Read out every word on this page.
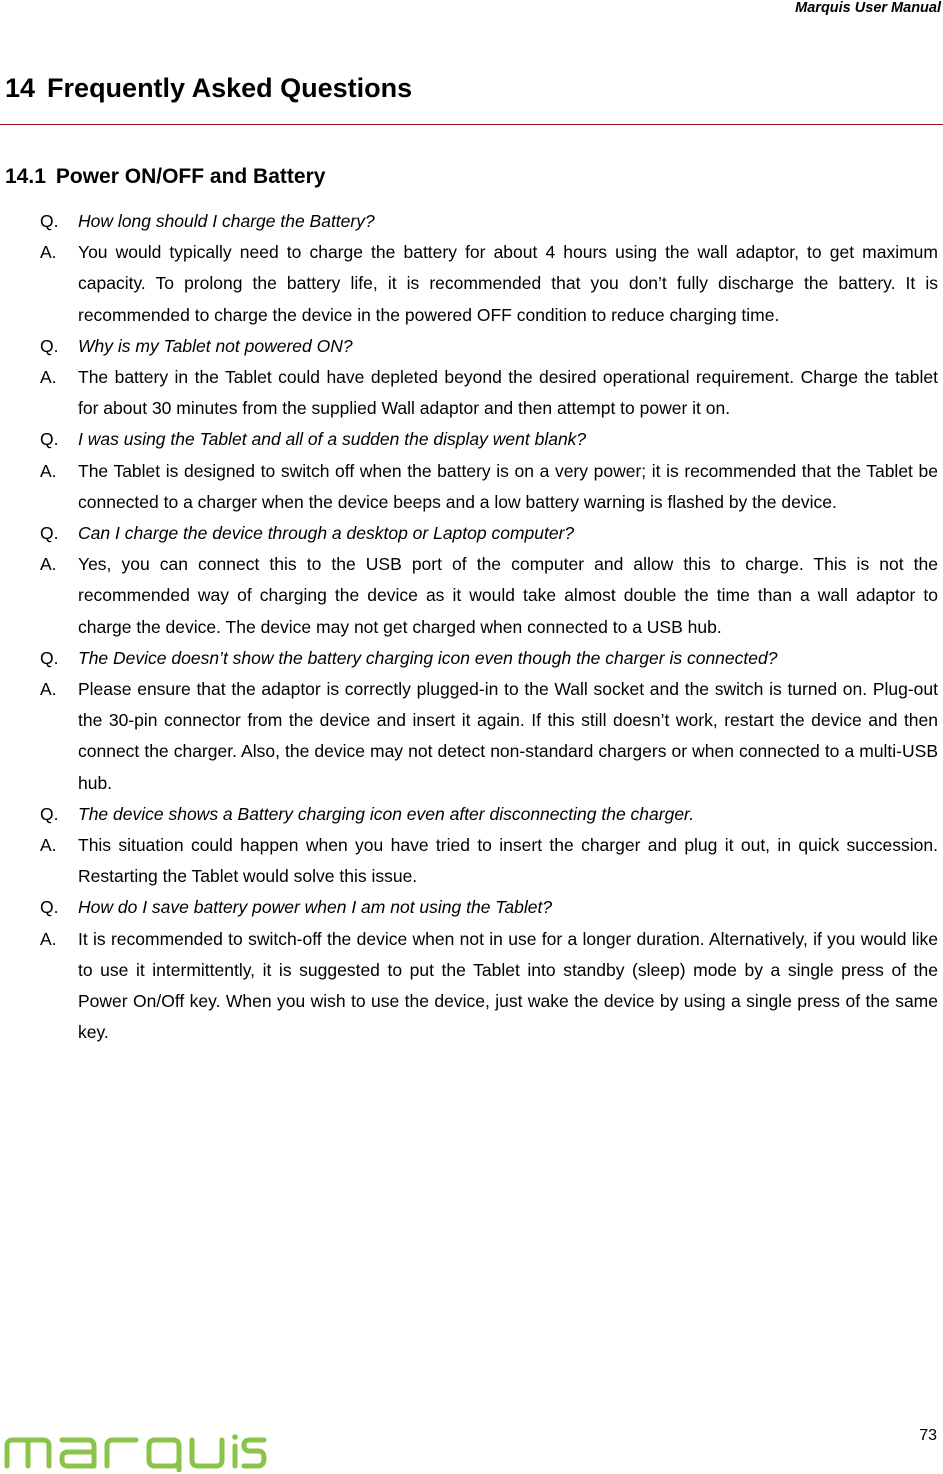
Marquis User Manual
14 Frequently Asked Questions
14.1 Power ON/OFF and Battery
Q.	How long should I charge the Battery?
A.	You would typically need to charge the battery for about 4 hours using the wall adaptor, to get maximum capacity. To prolong the battery life, it is recommended that you don’t fully discharge the battery. It is recommended to charge the device in the powered OFF condition to reduce charging time.
Q.	Why is my Tablet not powered ON?
A.	The battery in the Tablet could have depleted beyond the desired operational requirement. Charge the tablet for about 30 minutes from the supplied Wall adaptor and then attempt to power it on.
Q.	I was using the Tablet and all of a sudden the display went blank?
A.	The Tablet is designed to switch off when the battery is on a very power; it is recommended that the Tablet be connected to a charger when the device beeps and a low battery warning is flashed by the device.
Q.	Can I charge the device through a desktop or Laptop computer?
A.	Yes, you can connect this to the USB port of the computer and allow this to charge. This is not the recommended way of charging the device as it would take almost double the time than a wall adaptor to charge the device. The device may not get charged when connected to a USB hub.
Q.	The Device doesn’t show the battery charging icon even though the charger is connected?
A.	Please ensure that the adaptor is correctly plugged-in to the Wall socket and the switch is turned on. Plug-out the 30-pin connector from the device and insert it again. If this still doesn’t work, restart the device and then connect the charger. Also, the device may not detect non-standard chargers or when connected to a multi-USB hub.
Q.	The device shows a Battery charging icon even after disconnecting the charger.
A.	This situation could happen when you have tried to insert the charger and plug it out, in quick succession. Restarting the Tablet would solve this issue.
Q.	How do I save battery power when I am not using the Tablet?
A.	It is recommended to switch-off the device when not in use for a longer duration. Alternatively, if you would like to use it intermittently, it is suggested to put the Tablet into standby (sleep) mode by a single press of the Power On/Off key. When you wish to use the device, just wake the device by using a single press of the same key.
73
